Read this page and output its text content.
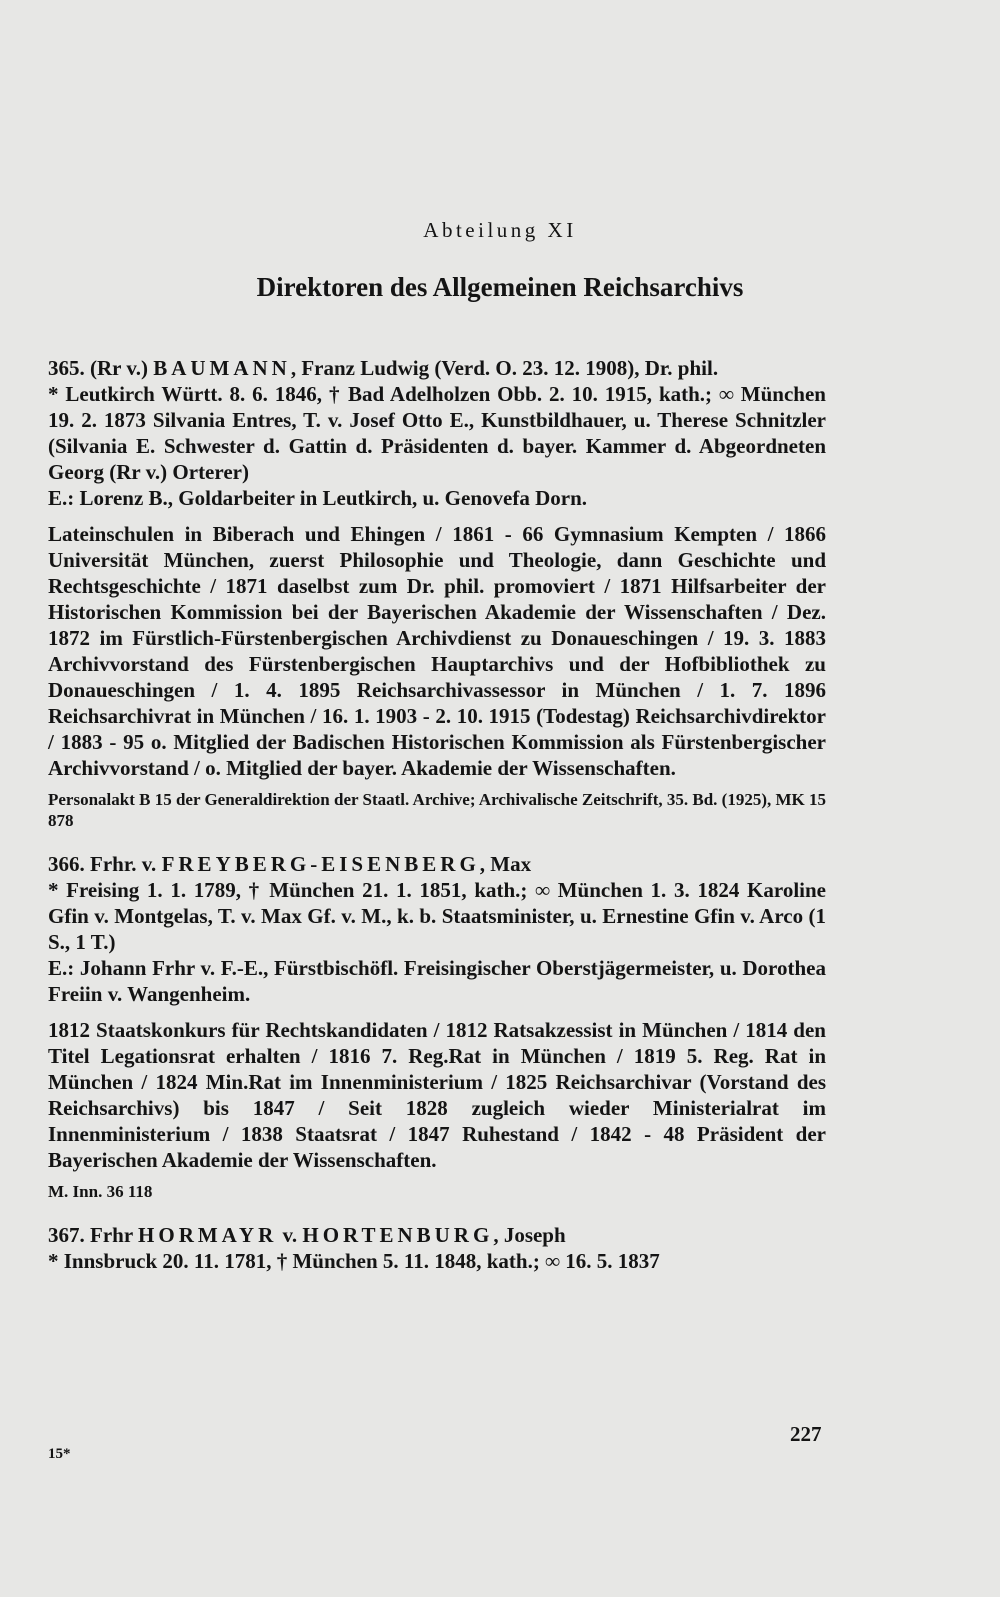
Abteilung XI
Direktoren des Allgemeinen Reichsarchivs
365. (Rr v.) BAUMANN, Franz Ludwig (Verd. O. 23. 12. 1908), Dr. phil.
* Leutkirch Württ. 8. 6. 1846, † Bad Adelholzen Obb. 2. 10. 1915, kath.; ∞ München 19. 2. 1873 Silvania Entres, T. v. Josef Otto E., Kunstbildhauer, u. Therese Schnitzler (Silvania E. Schwester d. Gattin d. Präsidenten d. bayer. Kammer d. Abgeordneten Georg (Rr v.) Orterer)
E.: Lorenz B., Goldarbeiter in Leutkirch, u. Genovefa Dorn.
Lateinschulen in Biberach und Ehingen / 1861 - 66 Gymnasium Kempten / 1866 Universität München, zuerst Philosophie und Theologie, dann Geschichte und Rechtsgeschichte / 1871 daselbst zum Dr. phil. promoviert / 1871 Hilfsarbeiter der Historischen Kommission bei der Bayerischen Akademie der Wissenschaften / Dez. 1872 im Fürstlich-Fürstenbergischen Archivdienst zu Donaueschingen / 19. 3. 1883 Archivvorstand des Fürstenbergischen Hauptarchivs und der Hofbibliothek zu Donaueschingen / 1. 4. 1895 Reichsarchivassessor in München / 1. 7. 1896 Reichsarchivrat in München / 16. 1. 1903 - 2. 10. 1915 (Todestag) Reichsarchivdirektor / 1883 - 95 o. Mitglied der Badischen Historischen Kommission als Fürstenbergischer Archivvorstand / o. Mitglied der bayer. Akademie der Wissenschaften.
Personalakt B 15 der Generaldirektion der Staatl. Archive; Archivalische Zeitschrift, 35. Bd. (1925), MK 15 878
366. Frhr. v. FREYBERG-EISENBERG, Max
* Freising 1. 1. 1789, † München 21. 1. 1851, kath.; ∞ München 1. 3. 1824 Karoline Gfin v. Montgelas, T. v. Max Gf. v. M., k. b. Staatsminister, u. Ernestine Gfin v. Arco (1 S., 1 T.)
E.: Johann Frhr v. F.-E., Fürstbischöfl. Freisingischer Oberstjägermeister, u. Dorothea Freiin v. Wangenheim.
1812 Staatskonkurs für Rechtskandidaten / 1812 Ratsakzessist in München / 1814 den Titel Legationsrat erhalten / 1816 7. Reg.Rat in München / 1819 5. Reg. Rat in München / 1824 Min.Rat im Innenministerium / 1825 Reichsarchivar (Vorstand des Reichsarchivs) bis 1847 / Seit 1828 zugleich wieder Ministerialrat im Innenministerium / 1838 Staatsrat / 1847 Ruhestand / 1842 - 48 Präsident der Bayerischen Akademie der Wissenschaften.
M. Inn. 36 118
367. Frhr HORMAYR v. HORTENBURG, Joseph
* Innsbruck 20. 11. 1781, † München 5. 11. 1848, kath.; ∞ 16. 5. 1837
227
15*
